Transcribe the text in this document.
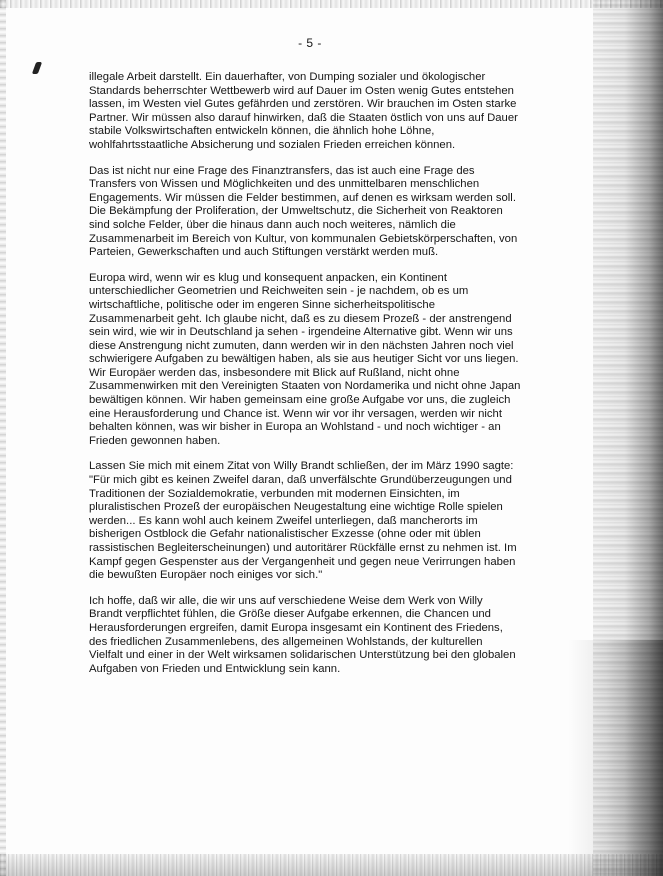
- 5 -

illegale Arbeit darstellt. Ein dauerhafter, von Dumping sozialer und ökologischer
Standards beherrschter Wettbewerb wird auf Dauer im Osten wenig Gutes entstehen
lassen, im Westen viel Gutes gefährden und zerstören. Wir brauchen im Osten starke
Partner. Wir müssen also darauf hinwirken, daß die Staaten östlich von uns auf Dauer
stabile Volkswirtschaften entwickeln können, die ähnlich hohe Löhne,
wohlfahrtsstaatliche Absicherung und sozialen Frieden erreichen können.

Das ist nicht nur eine Frage des Finanztransfers, das ist auch eine Frage des
Transfers von Wissen und Möglichkeiten und des unmittelbaren menschlichen
Engagements. Wir müssen die Felder bestimmen, auf denen es wirksam werden soll.
Die Bekämpfung der Proliferation, der Umweltschutz, die Sicherheit von Reaktoren
sind solche Felder, über die hinaus dann auch noch weiteres, nämlich die
Zusammenarbeit im Bereich von Kultur, von kommunalen Gebietskörperschaften, von
Parteien, Gewerkschaften und auch Stiftungen verstärkt werden muß.

Europa wird, wenn wir es klug und konsequent anpacken, ein Kontinent
unterschiedlicher Geometrien und Reichweiten sein - je nachdem, ob es um
wirtschaftliche, politische oder im engeren Sinne sicherheitspolitische
Zusammenarbeit geht. Ich glaube nicht, daß es zu diesem Prozeß - der anstrengend
sein wird, wie wir in Deutschland ja sehen - irgendeine Alternative gibt. Wenn wir uns
diese Anstrengung nicht zumuten, dann werden wir in den nächsten Jahren noch viel
schwierigere Aufgaben zu bewältigen haben, als sie aus heutiger Sicht vor uns liegen.
Wir Europäer werden das, insbesondere mit Blick auf Rußland, nicht ohne
Zusammenwirken mit den Vereinigten Staaten von Nordamerika und nicht ohne Japan
bewältigen können. Wir haben gemeinsam eine große Aufgabe vor uns, die zugleich
eine Herausforderung und Chance ist. Wenn wir vor ihr versagen, werden wir nicht
behalten können, was wir bisher in Europa an Wohlstand - und noch wichtiger - an
Frieden gewonnen haben.

Lassen Sie mich mit einem Zitat von Willy Brandt schließen, der im März 1990 sagte:
"Für mich gibt es keinen Zweifel daran, daß unverfälschte Grundüberzeugungen und
Traditionen der Sozialdemokratie, verbunden mit modernen Einsichten, im
pluralistischen Prozeß der europäischen Neugestaltung eine wichtige Rolle spielen
werden... Es kann wohl auch keinem Zweifel unterliegen, daß mancherorts im
bisherigen Ostblock die Gefahr nationalistischer Exzesse (ohne oder mit üblen
rassistischen Begleiterscheinungen) und autoritärer Rückfälle ernst zu nehmen ist. Im
Kampf gegen Gespenster aus der Vergangenheit und gegen neue Verirrungen haben
die bewußten Europäer noch einiges vor sich."

Ich hoffe, daß wir alle, die wir uns auf verschiedene Weise dem Werk von Willy
Brandt verpflichtet fühlen, die Größe dieser Aufgabe erkennen, die Chancen und
Herausforderungen ergreifen, damit Europa insgesamt ein Kontinent des Friedens,
des friedlichen Zusammenlebens, des allgemeinen Wohlstands, der kulturellen
Vielfalt und einer in der Welt wirksamen solidarischen Unterstützung bei den globalen
Aufgaben von Frieden und Entwicklung sein kann.
